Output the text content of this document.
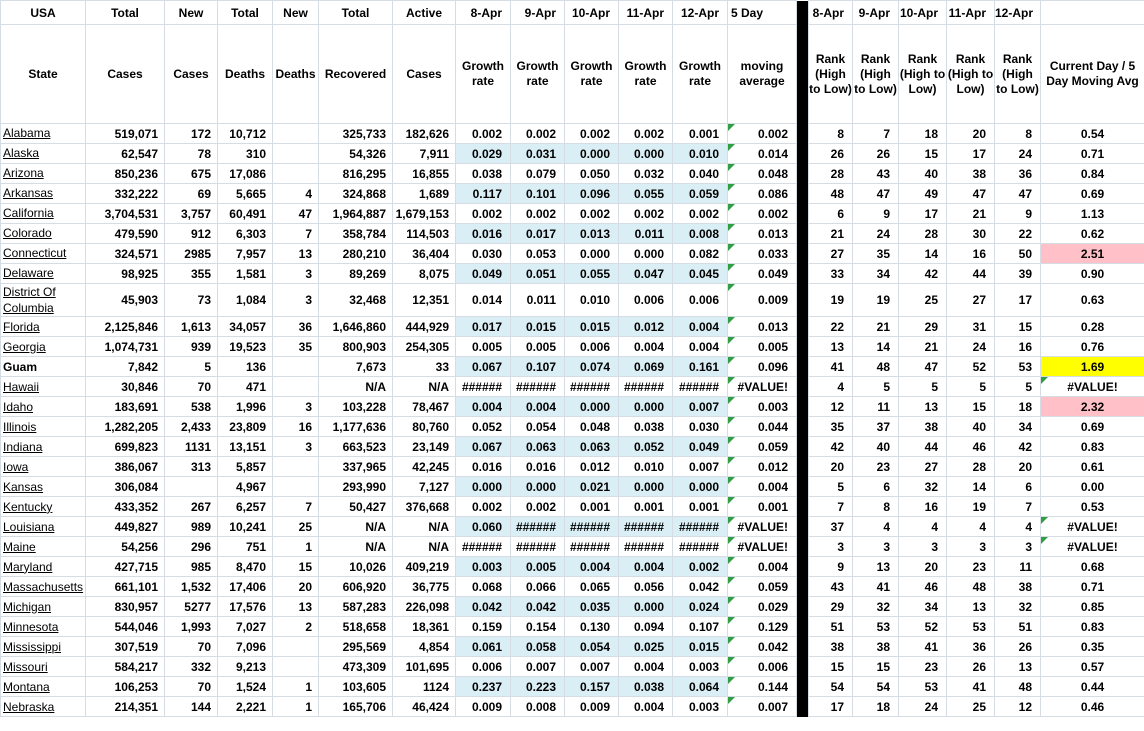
USA	Total	New	Total	New	Total	Active	8-Apr	9-Apr	10-Apr	11-Apr	12-Apr	5 Day		8-Apr	9-Apr	10-Apr	11-Apr	12-Apr	
State	Cases	Cases	Deaths	Deaths	Recovered	Cases	Growth rate	Growth rate	Growth rate	Growth rate	Growth rate	moving average		Rank (High to Low)	Rank (High to Low)	Rank (High to Low)	Rank (High to Low)	Rank (High to Low)	Current Day / 5 Day Moving Avg
Alabama	519,071	172	10,712		325,733	182,626	0.002	0.002	0.002	0.002	0.001	0.002		8	7	18	20	8	0.54
Alaska	62,547	78	310		54,326	7,911	0.029	0.031	0.000	0.000	0.010	0.014		26	26	15	17	24	0.71
Arizona	850,236	675	17,086		816,295	16,855	0.038	0.079	0.050	0.032	0.040	0.048		28	43	40	38	36	0.84
Arkansas	332,222	69	5,665	4	324,868	1,689	0.117	0.101	0.096	0.055	0.059	0.086		48	47	49	47	47	0.69
California	3,704,531	3,757	60,491	47	1,964,887	1,679,153	0.002	0.002	0.002	0.002	0.002	0.002		6	9	17	21	9	1.13
Colorado	479,590	912	6,303	7	358,784	114,503	0.016	0.017	0.013	0.011	0.008	0.013		21	24	28	30	22	0.62
Connecticut	324,571	2985	7,957	13	280,210	36,404	0.030	0.053	0.000	0.000	0.082	0.033		27	35	14	16	50	2.51
Delaware	98,925	355	1,581	3	89,269	8,075	0.049	0.051	0.055	0.047	0.045	0.049		33	34	42	44	39	0.90
District Of Columbia	45,903	73	1,084	3	32,468	12,351	0.014	0.011	0.010	0.006	0.006	0.009		19	19	25	27	17	0.63
Florida	2,125,846	1,613	34,057	36	1,646,860	444,929	0.017	0.015	0.015	0.012	0.004	0.013		22	21	29	31	15	0.28
Georgia	1,074,731	939	19,523	35	800,903	254,305	0.005	0.005	0.006	0.004	0.004	0.005		13	14	21	24	16	0.76
Guam	7,842	5	136		7,673	33	0.067	0.107	0.074	0.069	0.161	0.096		41	48	47	52	53	1.69
Hawaii	30,846	70	471		N/A	N/A	######	######	######	######	######	#VALUE!		4	5	5	5	5	#VALUE!
Idaho	183,691	538	1,996	3	103,228	78,467	0.004	0.004	0.000	0.000	0.007	0.003		12	11	13	15	18	2.32
Illinois	1,282,205	2,433	23,809	16	1,177,636	80,760	0.052	0.054	0.048	0.038	0.030	0.044		35	37	38	40	34	0.69
Indiana	699,823	1131	13,151	3	663,523	23,149	0.067	0.063	0.063	0.052	0.049	0.059		42	40	44	46	42	0.83
Iowa	386,067	313	5,857		337,965	42,245	0.016	0.016	0.012	0.010	0.007	0.012		20	23	27	28	20	0.61
Kansas	306,084		4,967		293,990	7,127	0.000	0.000	0.021	0.000	0.000	0.004		5	6	32	14	6	0.00
Kentucky	433,352	267	6,257	7	50,427	376,668	0.002	0.002	0.001	0.001	0.001	0.001		7	8	16	19	7	0.53
Louisiana	449,827	989	10,241	25	N/A	N/A	0.060	######	######	######	######	#VALUE!		37	4	4	4	4	#VALUE!
Maine	54,256	296	751	1	N/A	N/A	######	######	######	######	######	#VALUE!		3	3	3	3	3	#VALUE!
Maryland	427,715	985	8,470	15	10,026	409,219	0.003	0.005	0.004	0.004	0.002	0.004		9	13	20	23	11	0.68
Massachusetts	661,101	1,532	17,406	20	606,920	36,775	0.068	0.066	0.065	0.056	0.042	0.059		43	41	46	48	38	0.71
Michigan	830,957	5277	17,576	13	587,283	226,098	0.042	0.042	0.035	0.000	0.024	0.029		29	32	34	13	32	0.85
Minnesota	544,046	1,993	7,027	2	518,658	18,361	0.159	0.154	0.130	0.094	0.107	0.129		51	53	52	53	51	0.83
Mississippi	307,519	70	7,096		295,569	4,854	0.061	0.058	0.054	0.025	0.015	0.042		38	38	41	36	26	0.35
Missouri	584,217	332	9,213		473,309	101,695	0.006	0.007	0.007	0.004	0.003	0.006		15	15	23	26	13	0.57
Montana	106,253	70	1,524	1	103,605	1124	0.237	0.223	0.157	0.038	0.064	0.144		54	54	53	41	48	0.44
Nebraska	214,351	144	2,221	1	165,706	46,424	0.009	0.008	0.009	0.004	0.003	0.007		17	18	24	25	12	0.46
